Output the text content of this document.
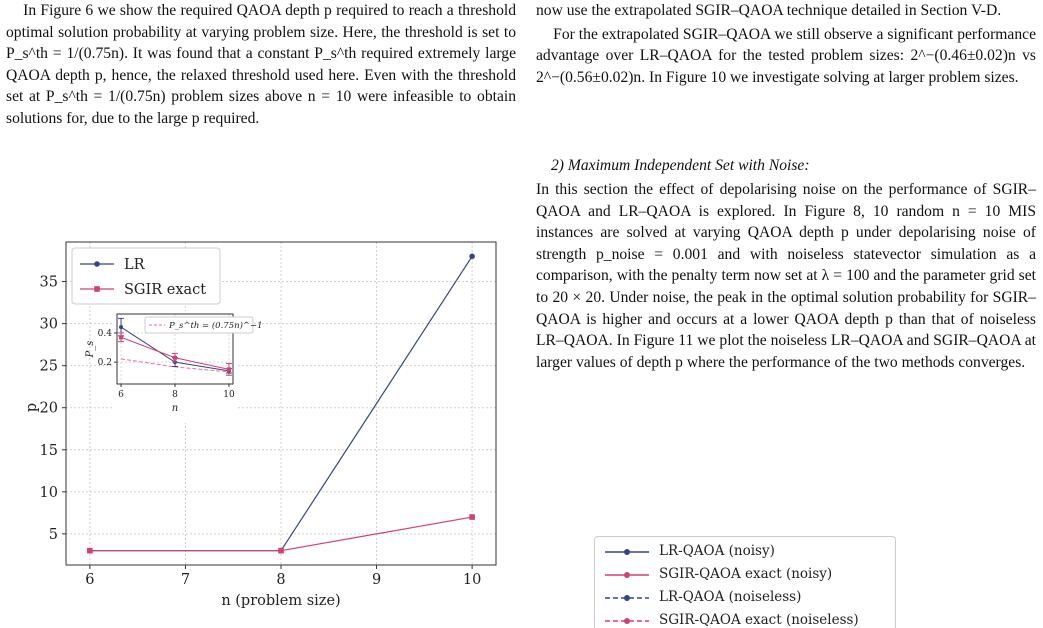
In Figure 6 we show the required QAOA depth p required to reach a threshold optimal solution probability at varying problem size. Here, the threshold is set to P_s^th = 1/(0.75n). It was found that a constant P_s^th required extremely large QAOA depth p, hence, the relaxed threshold used here. Even with the threshold set at P_s^th = 1/(0.75n) problem sizes above n = 10 were infeasible to obtain solutions for, due to the large p required.

now use the extrapolated SGIR–QAOA technique detailed in Section V-D.

For the extrapolated SGIR–QAOA we still observe a significant performance advantage over LR–QAOA for the tested problem sizes: 2^−(0.46±0.02)n vs 2^−(0.56±0.02)n. In Figure 10 we investigate solving at larger problem sizes.

2) Maximum Independent Set with Noise:

In this section the effect of depolarising noise on the performance of SGIR–QAOA and LR–QAOA is explored. In Figure 8, 10 random n = 10 MIS instances are solved at varying QAOA depth p under depolarising noise of strength p_noise = 0.001 and with noiseless statevector simulation as a comparison, with the penalty term now set at λ = 100 and the parameter grid set to 20 × 20. Under noise, the peak in the optimal solution probability for SGIR–QAOA is higher and occurs at a lower QAOA depth p than that of noiseless LR–QAOA. In Figure 11 we plot the noiseless LR–QAOA and SGIR–QAOA at larger values of depth p where the performance of the two methods converges.

6	7	8	9	10
5
10
15
20
25
30
35
n (problem size)
p
LR
SGIR exact
6	8	10
0.2
0.4
n
P_s
P_s^th = (0.75n)^−1
LR-QAOA (noisy)
SGIR-QAOA exact (noisy)
LR-QAOA (noiseless)
SGIR-QAOA exact (noiseless)
